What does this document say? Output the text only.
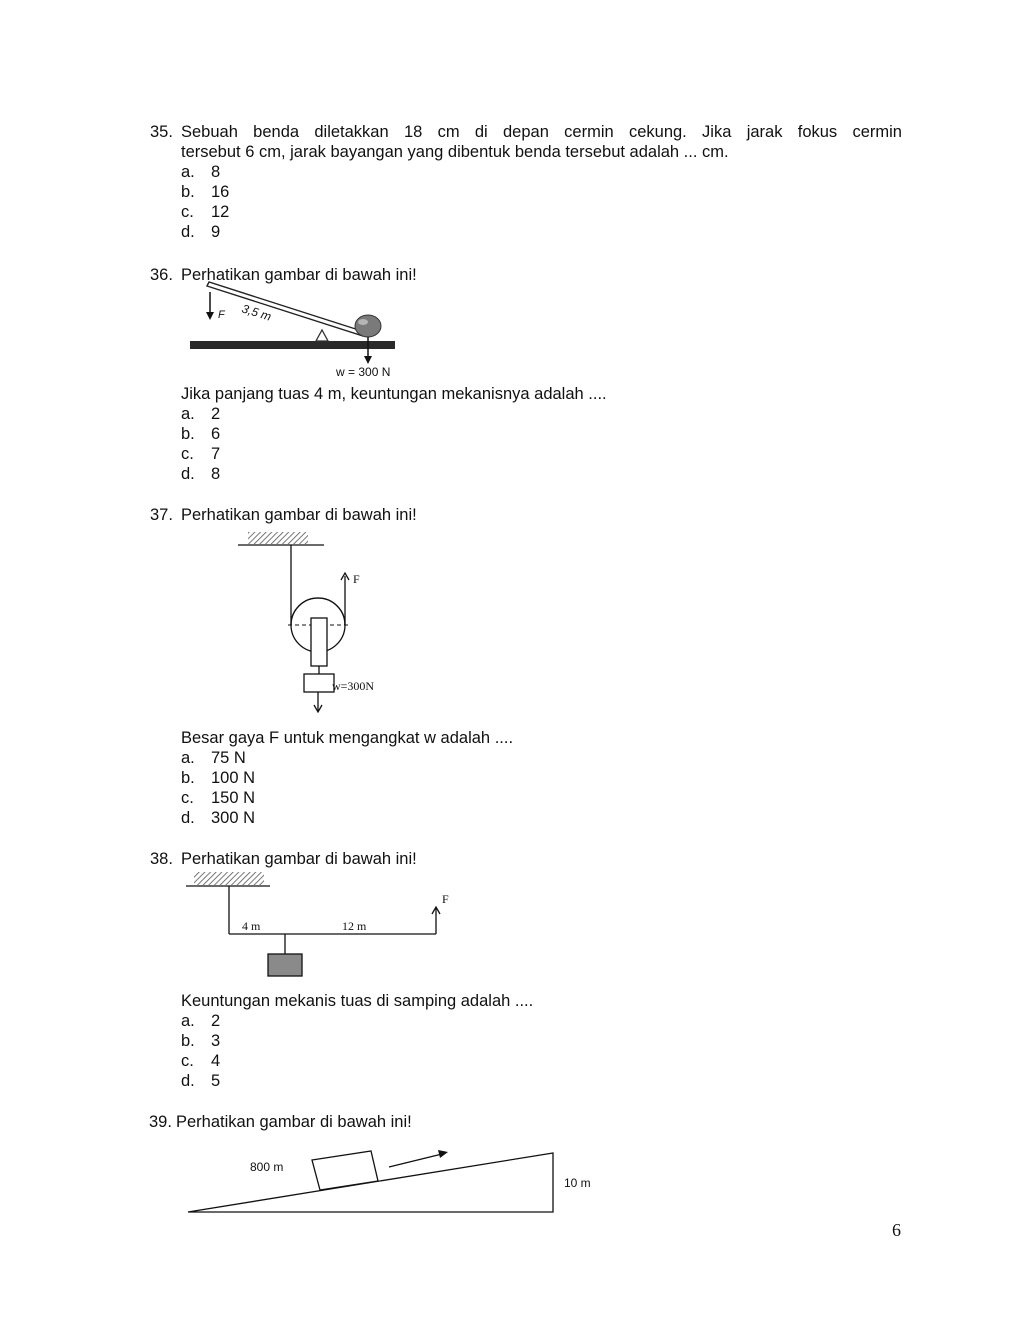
35. Sebuah benda diletakkan 18 cm di depan cermin cekung. Jika jarak fokus cermin
tersebut 6 cm, jarak bayangan yang dibentuk benda tersebut adalah ... cm.
a. 8
b. 16
c. 12
d. 9
36. Perhatikan gambar di bawah ini!
F 3,5 m
w = 300 N
Jika panjang tuas 4 m, keuntungan mekanisnya adalah ....
a. 2
b. 6
c. 7
d. 8
37. Perhatikan gambar di bawah ini!
F
w=300N
Besar gaya F untuk mengangkat w adalah ....
a. 75 N
b. 100 N
c. 150 N
d. 300 N
38. Perhatikan gambar di bawah ini!
F
4 m	12 m
Keuntungan mekanis tuas di samping adalah ....
a. 2
b. 3
c. 4
d. 5
39. Perhatikan gambar di bawah ini!
800 m
10 m
6
